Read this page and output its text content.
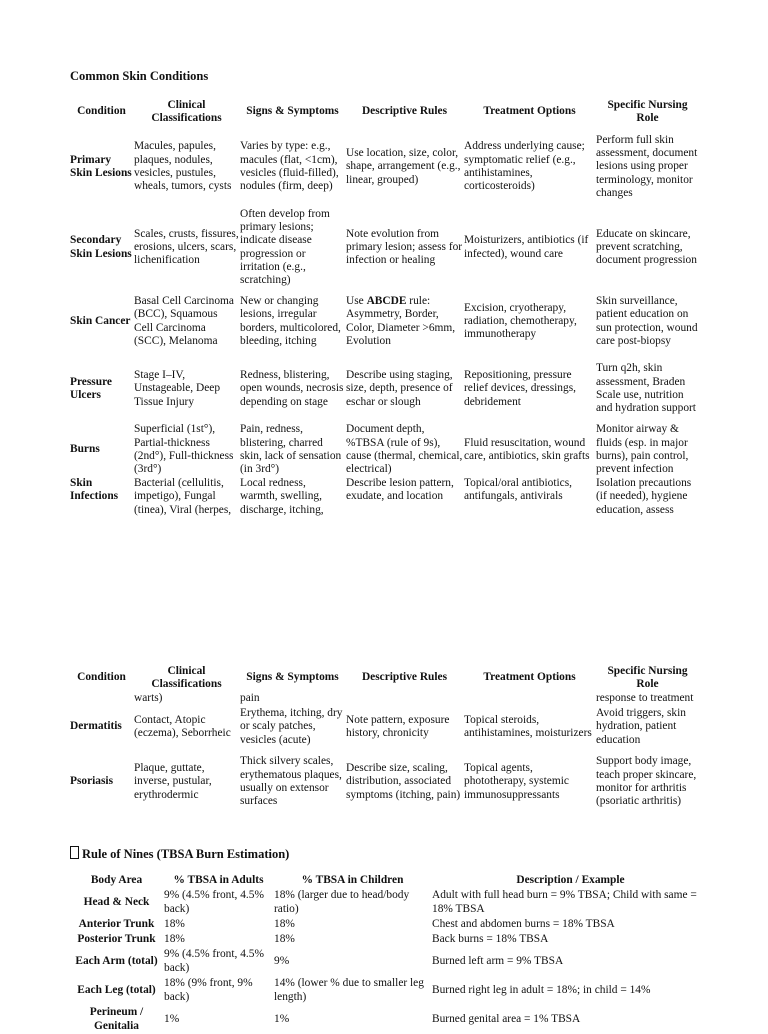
Common Skin Conditions
Condition	Clinical Classifications	Signs & Symptoms	Descriptive Rules	Treatment Options	Specific Nursing Role
Primary Skin Lesions	Macules, papules, plaques, nodules, vesicles, pustules, wheals, tumors, cysts	Varies by type: e.g., macules (flat, <1cm), vesicles (fluid-filled), nodules (firm, deep)	Use location, size, color, shape, arrangement (e.g., linear, grouped)	Address underlying cause; symptomatic relief (e.g., antihistamines, corticosteroids)	Perform full skin assessment, document lesions using proper terminology, monitor changes
Secondary Skin Lesions	Scales, crusts, fissures, erosions, ulcers, scars, lichenification	Often develop from primary lesions; indicate disease progression or irritation (e.g., scratching)	Note evolution from primary lesion; assess for infection or healing	Moisturizers, antibiotics (if infected), wound care	Educate on skincare, prevent scratching, document progression
Skin Cancer	Basal Cell Carcinoma (BCC), Squamous Cell Carcinoma (SCC), Melanoma	New or changing lesions, irregular borders, multicolored, bleeding, itching	Use ABCDE rule: Asymmetry, Border, Color, Diameter >6mm, Evolution	Excision, cryotherapy, radiation, chemotherapy, immunotherapy	Skin surveillance, patient education on sun protection, wound care post-biopsy
Pressure Ulcers	Stage I–IV, Unstageable, Deep Tissue Injury	Redness, blistering, open wounds, necrosis depending on stage	Describe using staging, size, depth, presence of eschar or slough	Repositioning, pressure relief devices, dressings, debridement	Turn q2h, skin assessment, Braden Scale use, nutrition and hydration support
Burns	Superficial (1st°), Partial-thickness (2nd°), Full-thickness (3rd°)	Pain, redness, blistering, charred skin, lack of sensation (in 3rd°)	Document depth, %TBSA (rule of 9s), cause (thermal, chemical, electrical)	Fluid resuscitation, wound care, antibiotics, skin grafts	Monitor airway & fluids (esp. in major burns), pain control, prevent infection
Skin Infections	Bacterial (cellulitis, impetigo), Fungal (tinea), Viral (herpes,	Local redness, warmth, swelling, discharge, itching,	Describe lesion pattern, exudate, and location	Topical/oral antibiotics, antifungals, antivirals	Isolation precautions (if needed), hygiene education, assess
Condition	Clinical Classifications	Signs & Symptoms	Descriptive Rules	Treatment Options	Specific Nursing Role
	warts)	pain			response to treatment
Dermatitis	Contact, Atopic (eczema), Seborrheic	Erythema, itching, dry or scaly patches, vesicles (acute)	Note pattern, exposure history, chronicity	Topical steroids, antihistamines, moisturizers	Avoid triggers, skin hydration, patient education
Psoriasis	Plaque, guttate, inverse, pustular, erythrodermic	Thick silvery scales, erythematous plaques, usually on extensor surfaces	Describe size, scaling, distribution, associated symptoms (itching, pain)	Topical agents, phototherapy, systemic immunosuppressants	Support body image, teach proper skincare, monitor for arthritis (psoriatic arthritis)
Rule of Nines (TBSA Burn Estimation)
Body Area	% TBSA in Adults	% TBSA in Children	Description / Example
Head & Neck	9% (4.5% front, 4.5% back)	18% (larger due to head/body ratio)	Adult with full head burn = 9% TBSA; Child with same = 18% TBSA
Anterior Trunk	18%	18%	Chest and abdomen burns = 18% TBSA
Posterior Trunk	18%	18%	Back burns = 18% TBSA
Each Arm (total)	9% (4.5% front, 4.5% back)	9%	Burned left arm = 9% TBSA
Each Leg (total)	18% (9% front, 9% back)	14% (lower % due to smaller leg length)	Burned right leg in adult = 18%; in child = 14%
Perineum / Genitalia	1%	1%	Burned genital area = 1% TBSA
